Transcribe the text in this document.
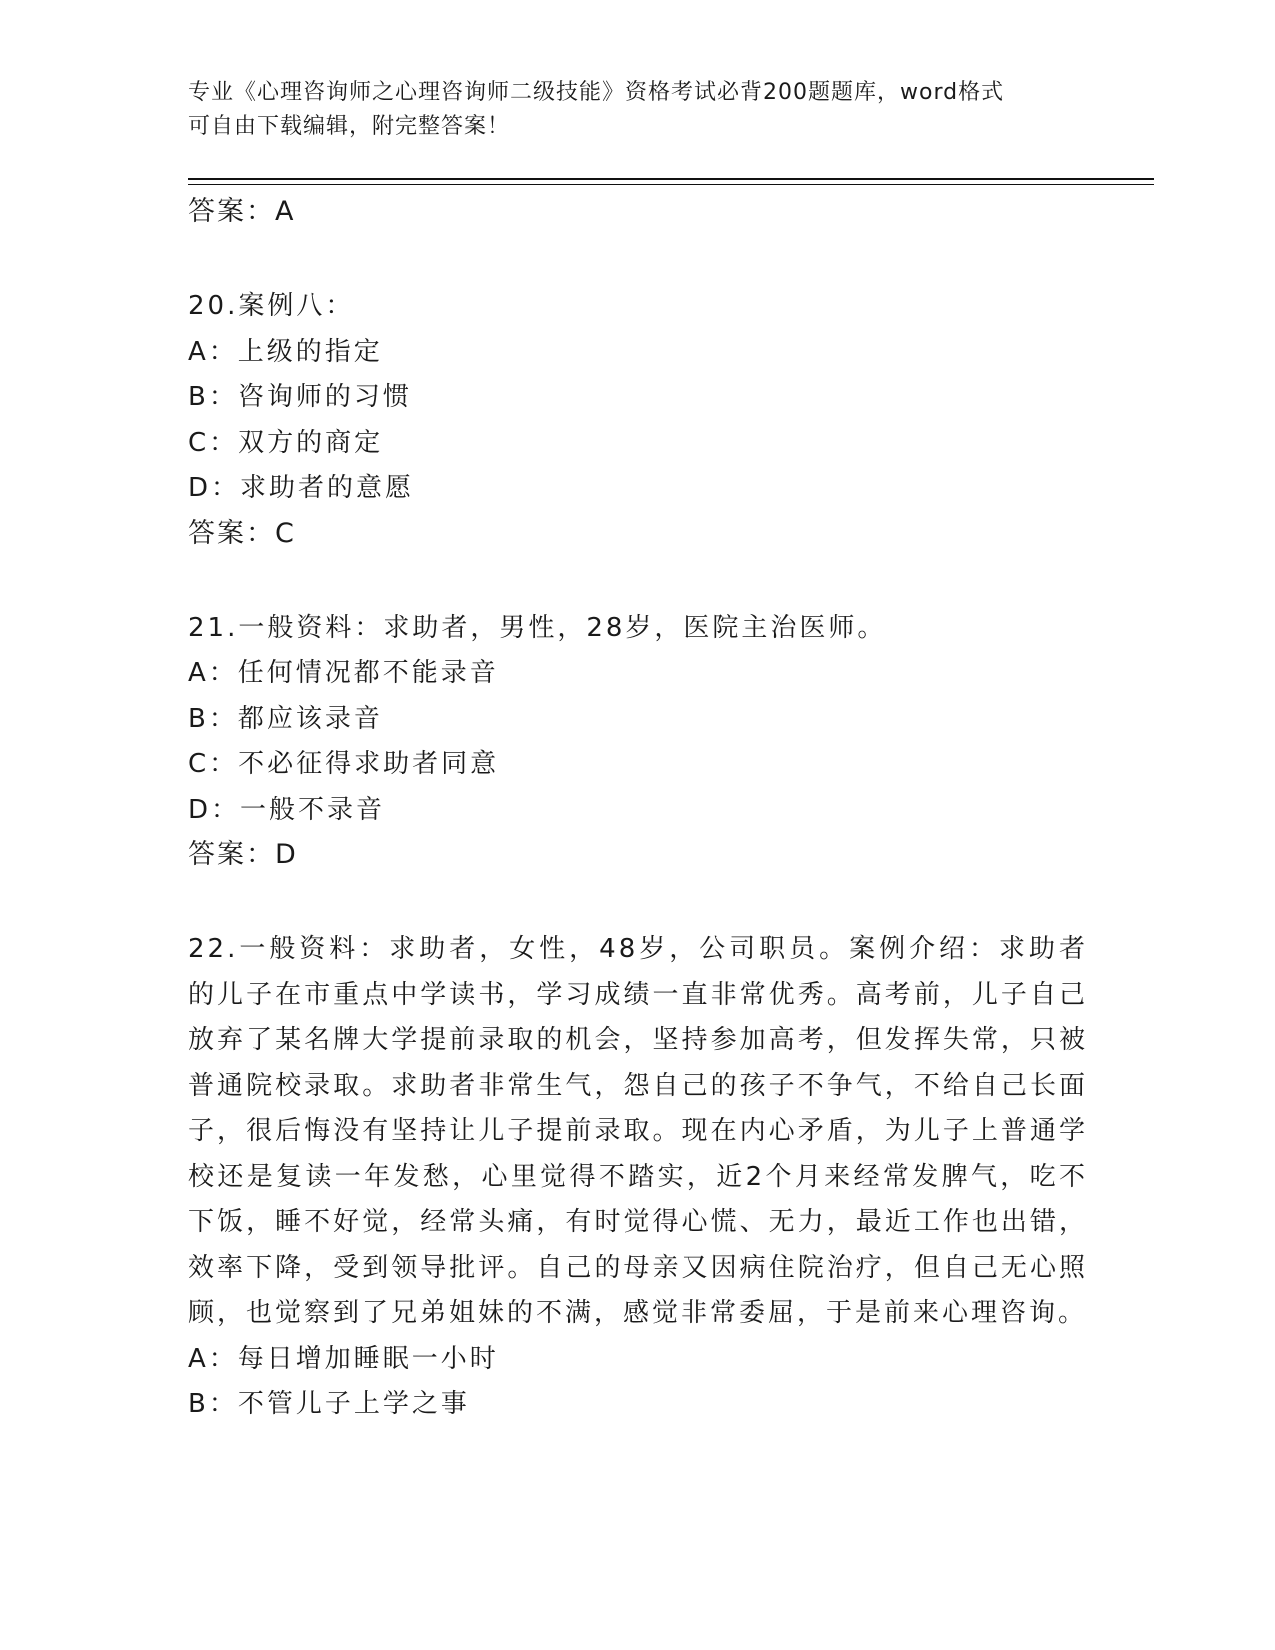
专业《心理咨询师之心理咨询师二级技能》资格考试必背200题题库，word格式
可自由下载编辑，附完整答案！

答案：A

20.案例八：

A：上级的指定

B：咨询师的习惯

C：双方的商定

D：求助者的意愿

答案：C

21.一般资料：求助者，男性，28岁，医院主治医师。

A：任何情况都不能录音

B：都应该录音

C：不必征得求助者同意

D：一般不录音

答案：D

22.一般资料：求助者，女性，48岁，公司职员。案例介绍：求助者的儿子在市重点中学读书，学习成绩一直非常优秀。高考前，儿子自己放弃了某名牌大学提前录取的机会，坚持参加高考，但发挥失常，只被普通院校录取。求助者非常生气，怨自己的孩子不争气，不给自己长面子，很后悔没有坚持让儿子提前录取。现在内心矛盾，为儿子上普通学校还是复读一年发愁，心里觉得不踏实，近2个月来经常发脾气，吃不下饭，睡不好觉，经常头痛，有时觉得心慌、无力，最近工作也出错，效率下降，受到领导批评。自己的母亲又因病住院治疗，但自己无心照顾，也觉察到了兄弟姐妹的不满，感觉非常委屈，于是前来心理咨询。

A：每日增加睡眠一小时

B：不管儿子上学之事
